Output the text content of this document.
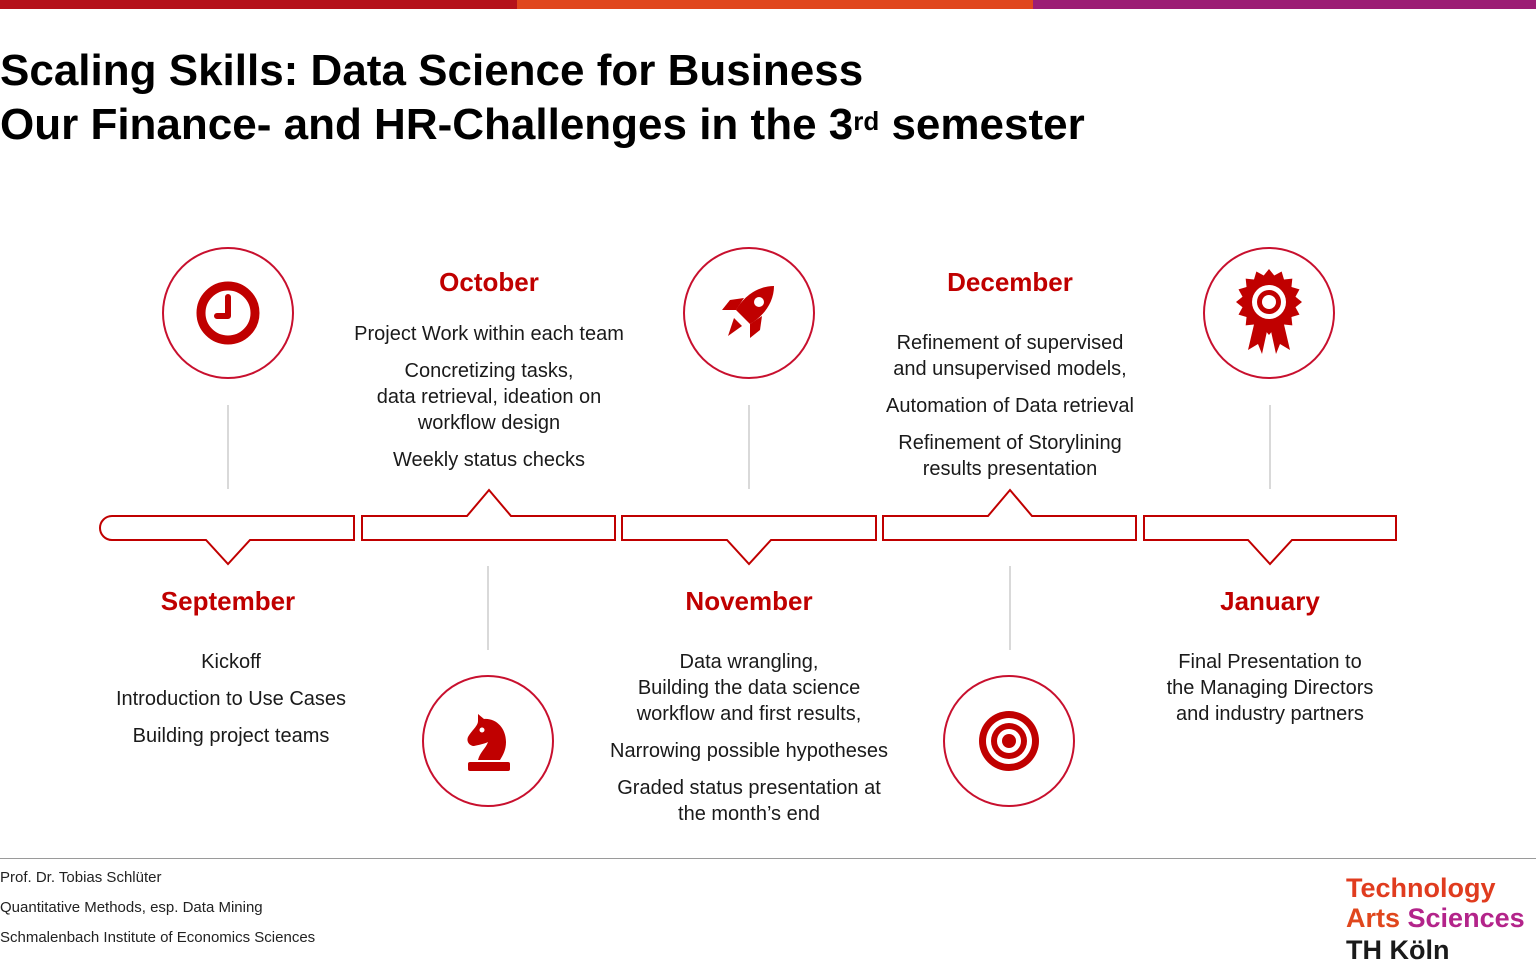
Scaling Skills: Data Science for Business
Our Finance- and HR-Challenges in the 3rd semester
September

Kickoff

Introduction to Use Cases

Building project teams

October

Project Work within each team

Concretizing tasks,

data retrieval, ideation on

workflow design

Weekly status checks

November

Data wrangling,

Building the data science

workflow and first results,

Narrowing possible hypotheses

Graded status presentation at

the month’s end

December

Refinement of supervised

and unsupervised models,

Automation of Data retrieval

Refinement of Storylining

results presentation

January

Final Presentation to

the Managing Directors

and industry partners

Prof. Dr. Tobias Schlüter
Quantitative Methods, esp. Data Mining
Schmalenbach Institute of Economics Sciences
Technology
Arts Sciences
TH Köln
